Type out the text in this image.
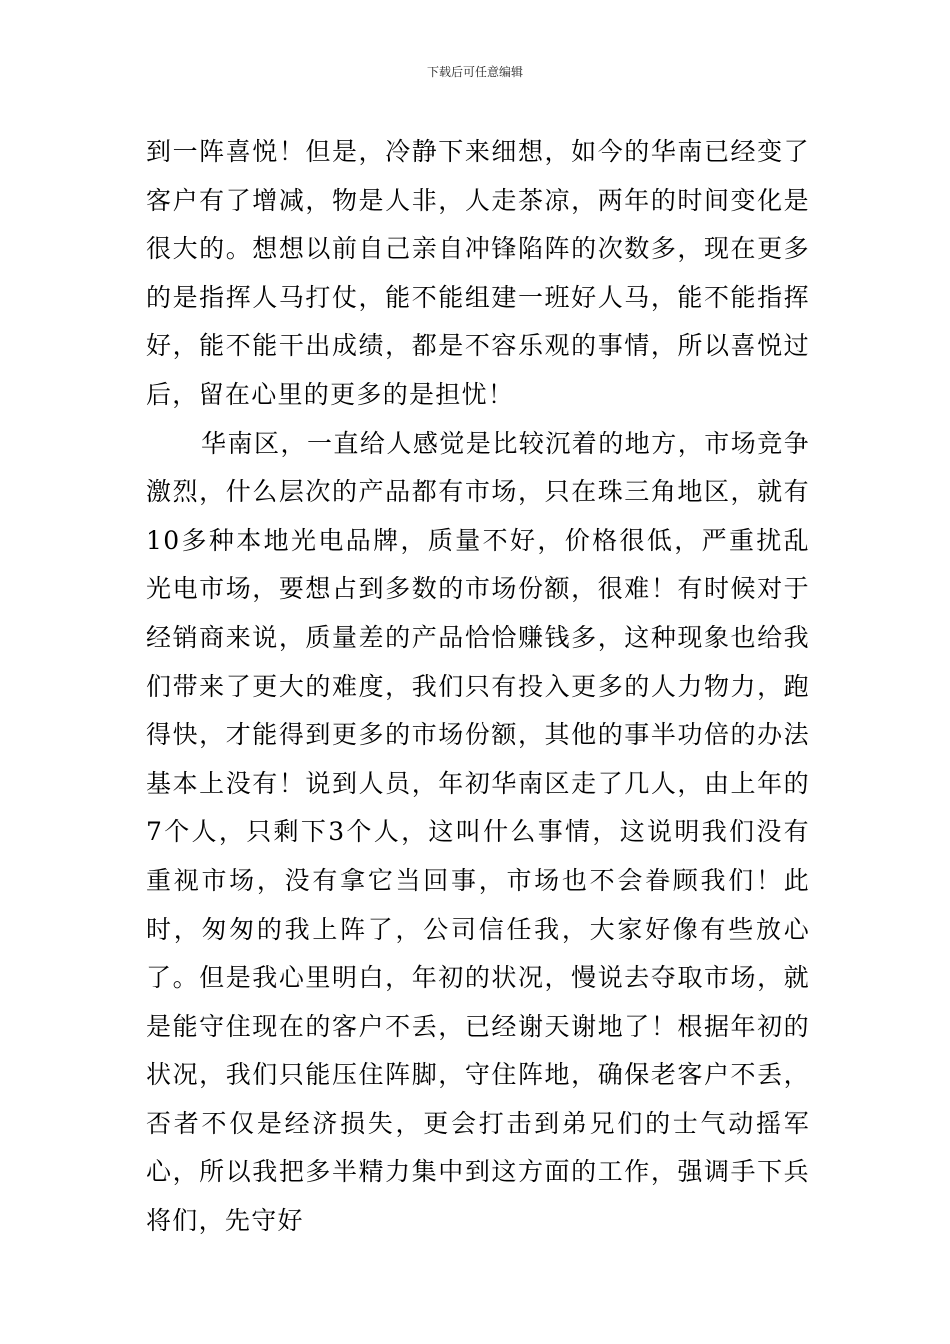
下载后可任意编辑

到一阵喜悦！但是，冷静下来细想，如今的华南已经变了客户有了增减，物是人非，人走茶凉，两年的时间变化是很大的。想想以前自己亲自冲锋陷阵的次数多，现在更多的是指挥人马打仗，能不能组建一班好人马，能不能指挥好，能不能干出成绩，都是不容乐观的事情，所以喜悦过后，留在心里的更多的是担忧！

华南区，一直给人感觉是比较沉着的地方，市场竞争激烈，什么层次的产品都有市场，只在珠三角地区，就有10多种本地光电品牌，质量不好，价格很低，严重扰乱光电市场，要想占到多数的市场份额，很难！有时候对于经销商来说，质量差的产品恰恰赚钱多，这种现象也给我们带来了更大的难度，我们只有投入更多的人力物力，跑得快，才能得到更多的市场份额，其他的事半功倍的办法基本上没有！说到人员，年初华南区走了几人，由上年的7个人，只剩下3个人，这叫什么事情，这说明我们没有重视市场，没有拿它当回事，市场也不会眷顾我们！此时，匆匆的我上阵了，公司信任我，大家好像有些放心了。但是我心里明白，年初的状况，慢说去夺取市场，就是能守住现在的客户不丢，已经谢天谢地了！根据年初的状况，我们只能压住阵脚，守住阵地，确保老客户不丢，否者不仅是经济损失，更会打击到弟兄们的士气动摇军心，所以我把多半精力集中到这方面的工作，强调手下兵将们，先守好
